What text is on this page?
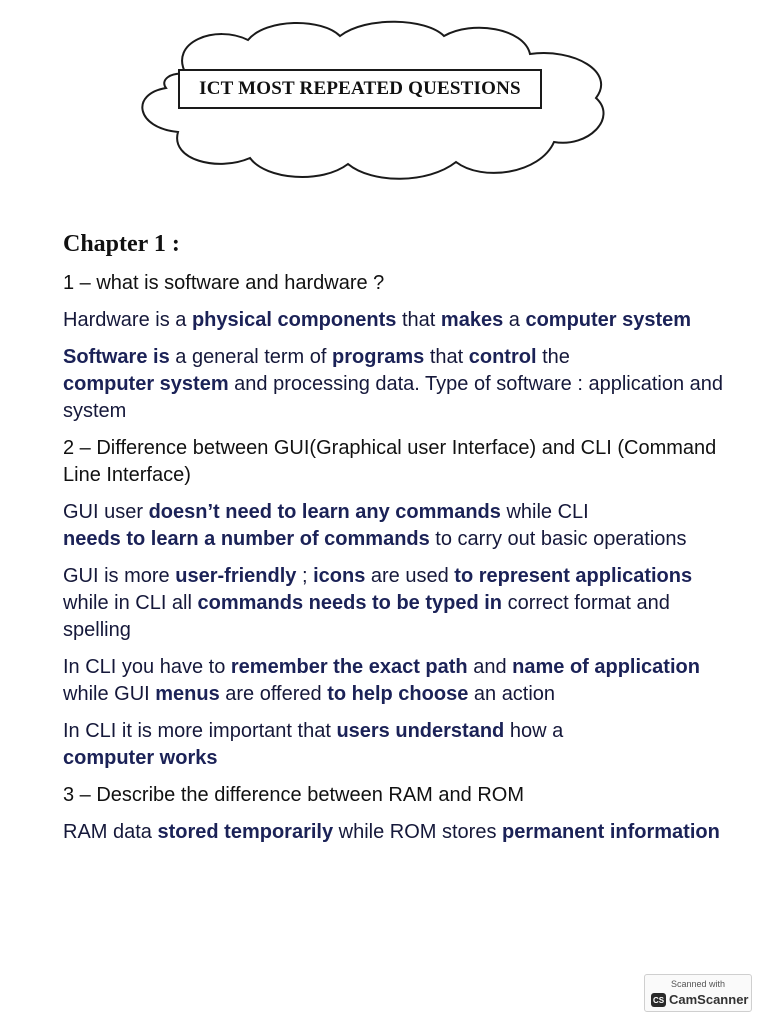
ICT MOST REPEATED QUESTIONS
Chapter 1 :

1 – what is software and hardware ?

Hardware is a physical components that makes a computer system

Software is a general term of programs that control the
computer system and processing data. Type of software : application and system

2 – Difference between GUI(Graphical user Interface) and CLI (Command Line Interface)

GUI user doesn’t need to learn any commands while CLI
needs to learn a number of commands to carry out basic operations

GUI is more user-friendly ; icons are used to represent applications while in CLI all commands needs to be typed in correct format and spelling

In CLI you have to remember the exact path and name of application while GUI menus are offered to help choose an action

In CLI it is more important that users understand how a
computer works

3 – Describe the difference between RAM and ROM

RAM data stored temporarily while ROM stores permanent information

Scanned with
CS CamScanner
